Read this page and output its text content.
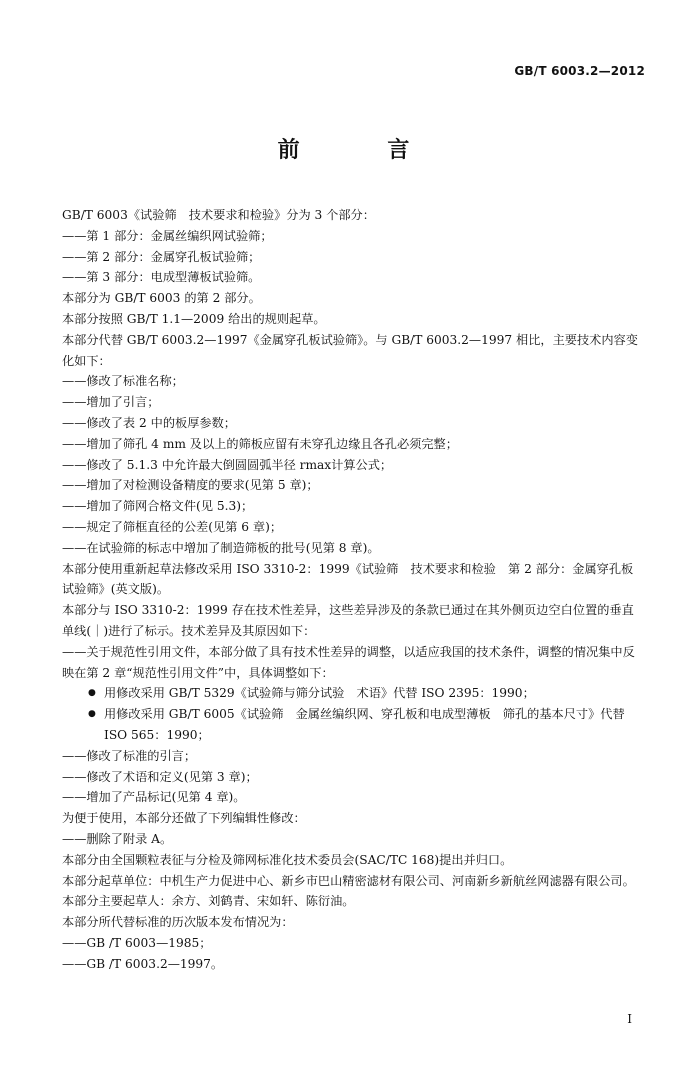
GB/T 6003.2—2012
前 言
GB/T 6003《试验筛　技术要求和检验》分为 3 个部分：
——第 1 部分：金属丝编织网试验筛；
——第 2 部分：金属穿孔板试验筛；
——第 3 部分：电成型薄板试验筛。
本部分为 GB/T 6003 的第 2 部分。
本部分按照 GB/T 1.1—2009 给出的规则起草。
本部分代替 GB/T 6003.2—1997《金属穿孔板试验筛》。与 GB/T 6003.2—1997 相比，主要技术内容变化如下：
——修改了标准名称；
——增加了引言；
——修改了表 2 中的板厚参数；
——增加了筛孔 4 mm 及以上的筛板应留有未穿孔边缘且各孔必须完整；
——修改了 5.1.3 中允许最大倒圆圆弧半径 rmax计算公式；
——增加了对检测设备精度的要求(见第 5 章)；
——增加了筛网合格文件(见 5.3)；
——规定了筛框直径的公差(见第 6 章)；
——在试验筛的标志中增加了制造筛板的批号(见第 8 章)。
本部分使用重新起草法修改采用 ISO 3310-2：1999《试验筛　技术要求和检验　第 2 部分：金属穿孔板试验筛》(英文版)。
本部分与 ISO 3310-2：1999 存在技术性差异，这些差异涉及的条款已通过在其外侧页边空白位置的垂直单线(｜)进行了标示。技术差异及其原因如下：
——关于规范性引用文件，本部分做了具有技术性差异的调整，以适应我国的技术条件，调整的情况集中反映在第 2 章“规范性引用文件”中，具体调整如下：
● 用修改采用 GB/T 5329《试验筛与筛分试验　术语》代替 ISO 2395：1990；
● 用修改采用 GB/T 6005《试验筛　金属丝编织网、穿孔板和电成型薄板　筛孔的基本尺寸》代替 ISO 565：1990；
——修改了标准的引言；
——修改了术语和定义(见第 3 章)；
——增加了产品标记(见第 4 章)。
为便于使用，本部分还做了下列编辑性修改：
——删除了附录 A。
本部分由全国颗粒表征与分检及筛网标准化技术委员会(SAC/TC 168)提出并归口。
本部分起草单位：中机生产力促进中心、新乡市巴山精密滤材有限公司、河南新乡新航丝网滤器有限公司。
本部分主要起草人：余方、刘鹤青、宋如轩、陈衍油。
本部分所代替标准的历次版本发布情况为：
——GB /T 6003—1985；
——GB /T 6003.2—1997。
I
